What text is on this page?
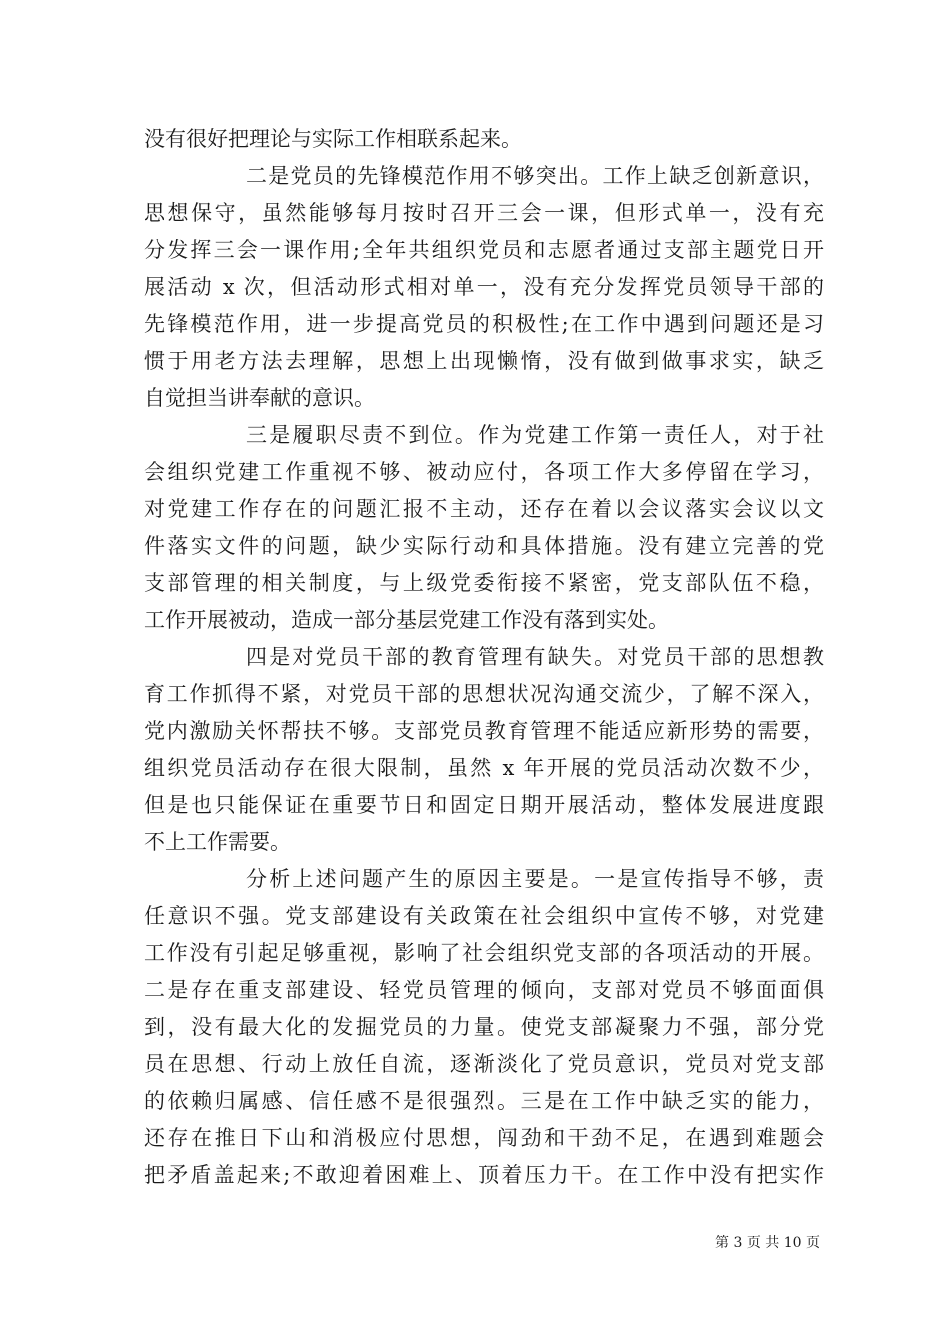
没有很好把理论与实际工作相联系起来。
二是党员的先锋模范作用不够突出。工作上缺乏创新意识，
思想保守，虽然能够每月按时召开三会一课，但形式单一，没有充
分发挥三会一课作用;全年共组织党员和志愿者通过支部主题党日开
展活动 x 次，但活动形式相对单一，没有充分发挥党员领导干部的
先锋模范作用，进一步提高党员的积极性;在工作中遇到问题还是习
惯于用老方法去理解，思想上出现懒惰，没有做到做事求实，缺乏
自觉担当讲奉献的意识。
三是履职尽责不到位。作为党建工作第一责任人，对于社
会组织党建工作重视不够、被动应付，各项工作大多停留在学习，
对党建工作存在的问题汇报不主动，还存在着以会议落实会议以文
件落实文件的问题，缺少实际行动和具体措施。没有建立完善的党
支部管理的相关制度，与上级党委衔接不紧密，党支部队伍不稳，
工作开展被动，造成一部分基层党建工作没有落到实处。
四是对党员干部的教育管理有缺失。对党员干部的思想教
育工作抓得不紧，对党员干部的思想状况沟通交流少，了解不深入，
党内激励关怀帮扶不够。支部党员教育管理不能适应新形势的需要，
组织党员活动存在很大限制，虽然 x 年开展的党员活动次数不少，
但是也只能保证在重要节日和固定日期开展活动，整体发展进度跟
不上工作需要。
分析上述问题产生的原因主要是。一是宣传指导不够，责
任意识不强。党支部建设有关政策在社会组织中宣传不够，对党建
工作没有引起足够重视，影响了社会组织党支部的各项活动的开展。
二是存在重支部建设、轻党员管理的倾向，支部对党员不够面面俱
到，没有最大化的发掘党员的力量。使党支部凝聚力不强，部分党
员在思想、行动上放任自流，逐渐淡化了党员意识，党员对党支部
的依赖归属感、信任感不是很强烈。三是在工作中缺乏实的能力，
还存在推日下山和消极应付思想，闯劲和干劲不足，在遇到难题会
把矛盾盖起来;不敢迎着困难上、顶着压力干。在工作中没有把实作
第 3 页 共 10 页
